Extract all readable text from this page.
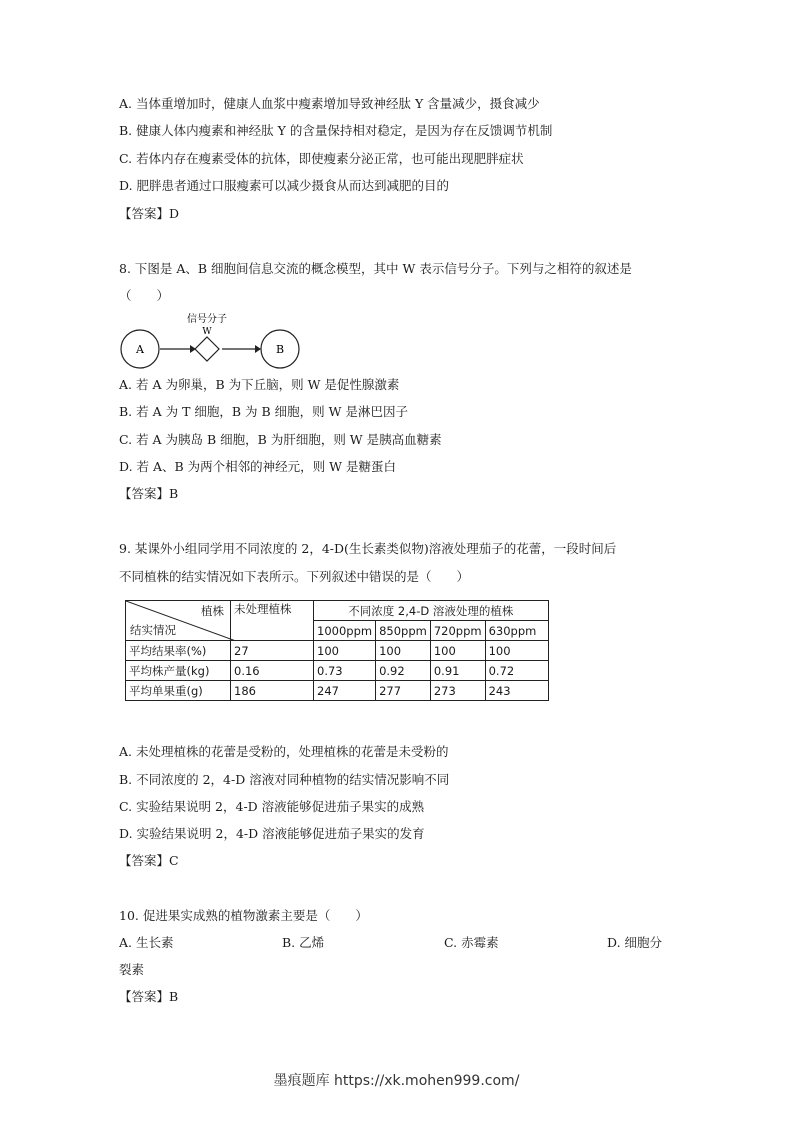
A. 当体重增加时，健康人血浆中瘦素增加导致神经肽 Y 含量减少，摄食减少
B. 健康人体内瘦素和神经肽 Y 的含量保持相对稳定，是因为存在反馈调节机制
C. 若体内存在瘦素受体的抗体，即使瘦素分泌正常，也可能出现肥胖症状
D. 肥胖患者通过口服瘦素可以减少摄食从而达到减肥的目的
【答案】D
8. 下图是 A、B 细胞间信息交流的概念模型，其中 W 表示信号分子。下列与之相符的叙述是
（　　）
A
信号分子
W
B
A. 若 A 为卵巢，B 为下丘脑，则 W 是促性腺激素
B. 若 A 为 T 细胞，B 为 B 细胞，则 W 是淋巴因子
C. 若 A 为胰岛 B 细胞，B 为肝细胞，则 W 是胰高血糖素
D. 若 A、B 为两个相邻的神经元，则 W 是糖蛋白
【答案】B
9. 某课外小组同学用不同浓度的 2，4-D(生长素类似物)溶液处理茄子的花蕾，一段时间后
不同植株的结实情况如下表所示。下列叙述中错误的是（　　）
植株
结实情况	未处理植株	不同浓度 2,4-D 溶液处理的植株			
		1000ppm	850ppm	720ppm	630ppm
平均结果率(%)	27	100	100	100	100
平均株产量(kg)	0.16	0.73	0.92	0.91	0.72
平均单果重(g)	186	247	277	273	243
A. 未处理植株的花蕾是受粉的，处理植株的花蕾是未受粉的
B. 不同浓度的 2，4-D 溶液对同种植物的结实情况影响不同
C. 实验结果说明 2，4-D 溶液能够促进茄子果实的成熟
D. 实验结果说明 2，4-D 溶液能够促进茄子果实的发育
【答案】C
10. 促进果实成熟的植物激素主要是（　　）
A. 生长素	B. 乙烯	C. 赤霉素	D. 细胞分
裂素
【答案】B
墨痕题库 https://xk.mohen999.com/
